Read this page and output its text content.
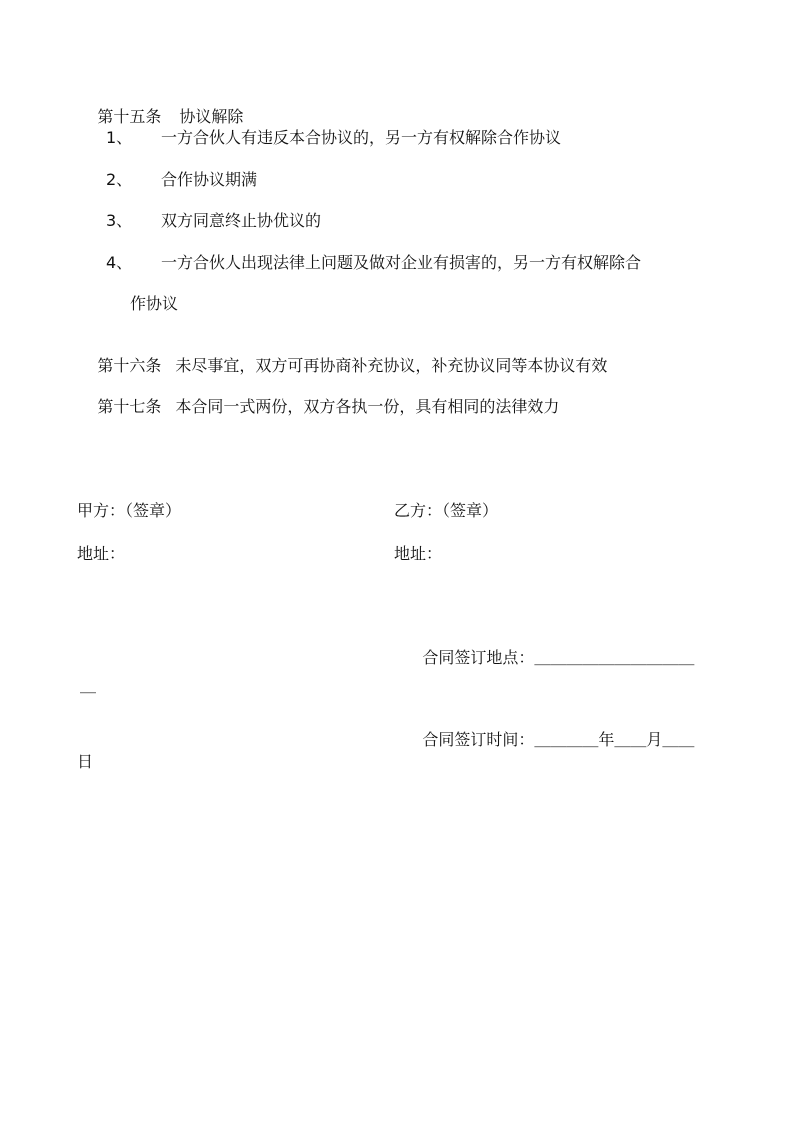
第十五条 协议解除

1、 一方合伙人有违反本合协议的，另一方有权解除合作协议
2、 合作协议期满
3、 双方同意终止协优议的
4、 一方合伙人出现法律上问题及做对企业有损害的，另一方有权解除合
作协议

第十六条 未尽事宜，双方可再协商补充协议，补充协议同等本协议有效

第十七条 本合同一式两份，双方各执一份，具有相同的法律效力

甲方：（签章）	乙方：（签章）
地址：	地址：

合同签订地点：＿＿＿＿＿＿＿＿＿＿

＿

合同签订时间：＿＿＿＿年＿＿月＿＿

日
